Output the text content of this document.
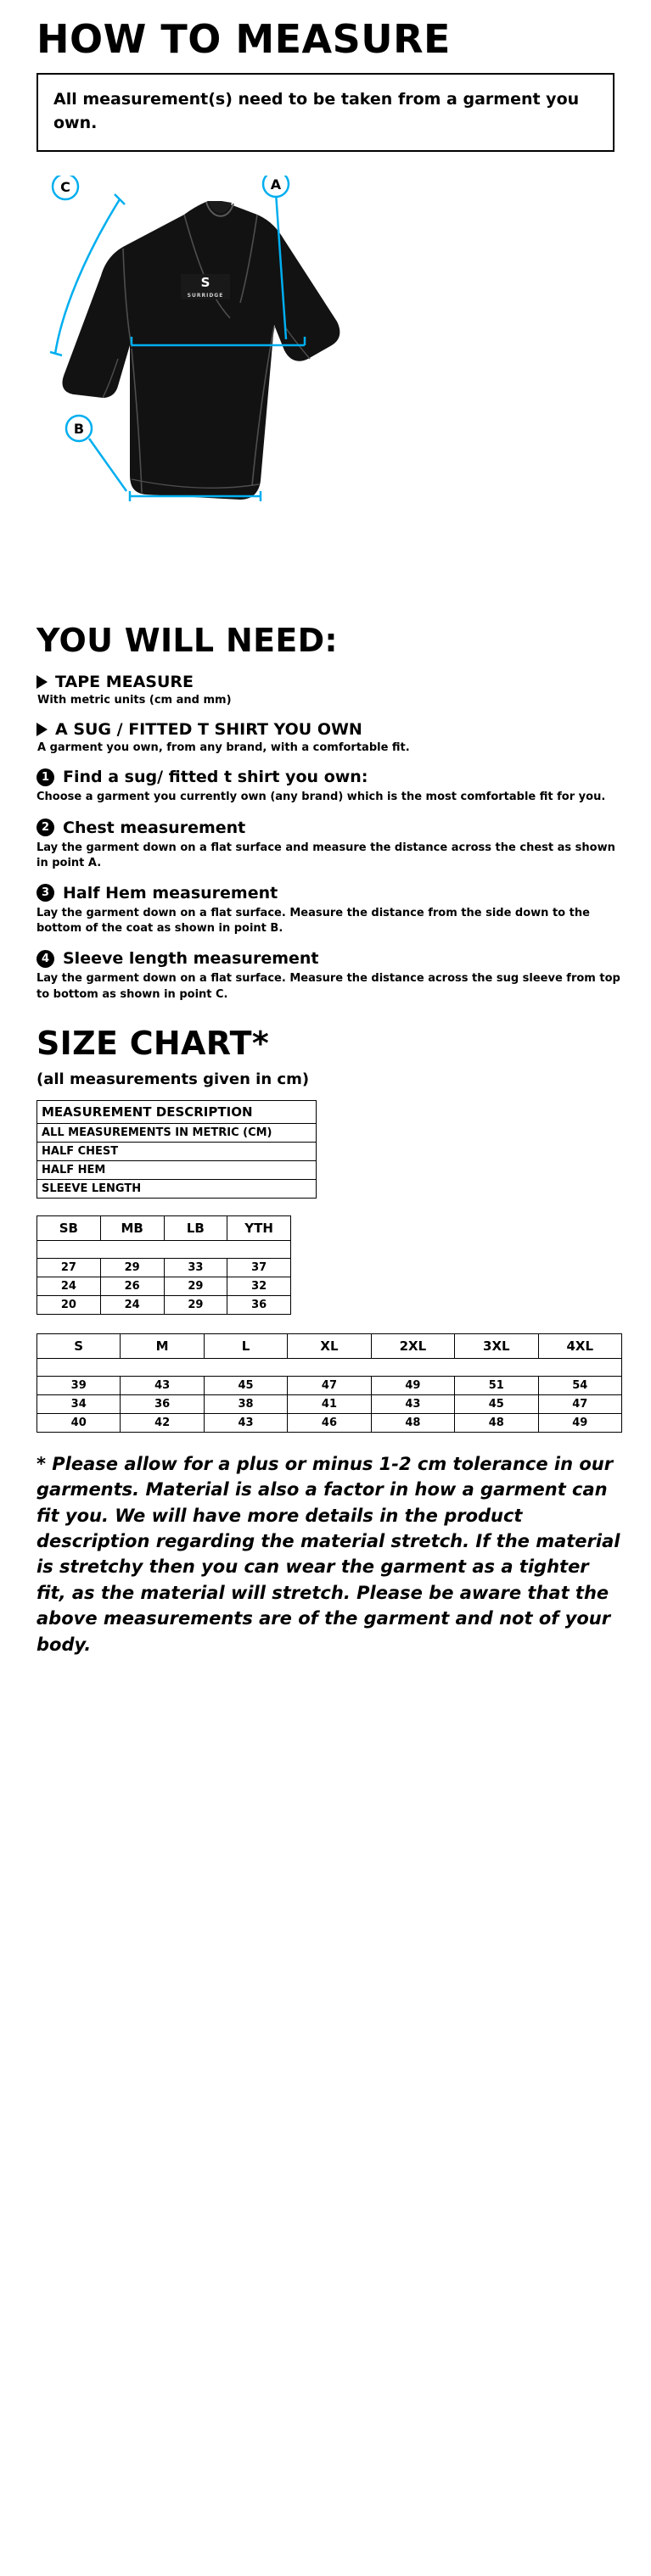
HOW TO MEASURE

All measurement(s) need to be taken from a garment you own.

S
SURRIDGE
A
B
C
YOU WILL NEED:
TAPE MEASURE
With metric units (cm and mm)
A SUG / FITTED T SHIRT YOU OWN
A garment you own, from any brand, with a comfortable fit.
1 Find a sug/ fitted t shirt you own:
Choose a garment you currently own (any brand) which is the most comfortable fit for you.
2 Chest measurement
Lay the garment down on a flat surface and measure the distance across the chest as shown in point A.
3 Half Hem measurement
Lay the garment down on a flat surface. Measure the distance from the side down to the bottom of the coat as shown in point B.
4 Sleeve length measurement
Lay the garment down on a flat surface. Measure the distance across the sug sleeve from top to bottom as shown in point C.
SIZE CHART*
(all measurements given in cm)
MEASUREMENT DESCRIPTION
ALL MEASUREMENTS IN METRIC (CM)
HALF CHEST
HALF HEM
SLEEVE LENGTH
SB	MB	LB	YTH

27	29	33	37
24	26	29	32
20	24	29	36
S	M	L	XL	2XL	3XL	4XL

39	43	45	47	49	51	54
34	36	38	41	43	45	47
40	42	43	46	48	48	49

* Please allow for a plus or minus 1-2 cm tolerance in our garments. Material is also a factor in how a garment can fit you. We will have more details in the product description regarding the material stretch. If the material is stretchy then you can wear the garment as a tighter fit, as the material will stretch. Please be aware that the above measurements are of the garment and not of your body.
